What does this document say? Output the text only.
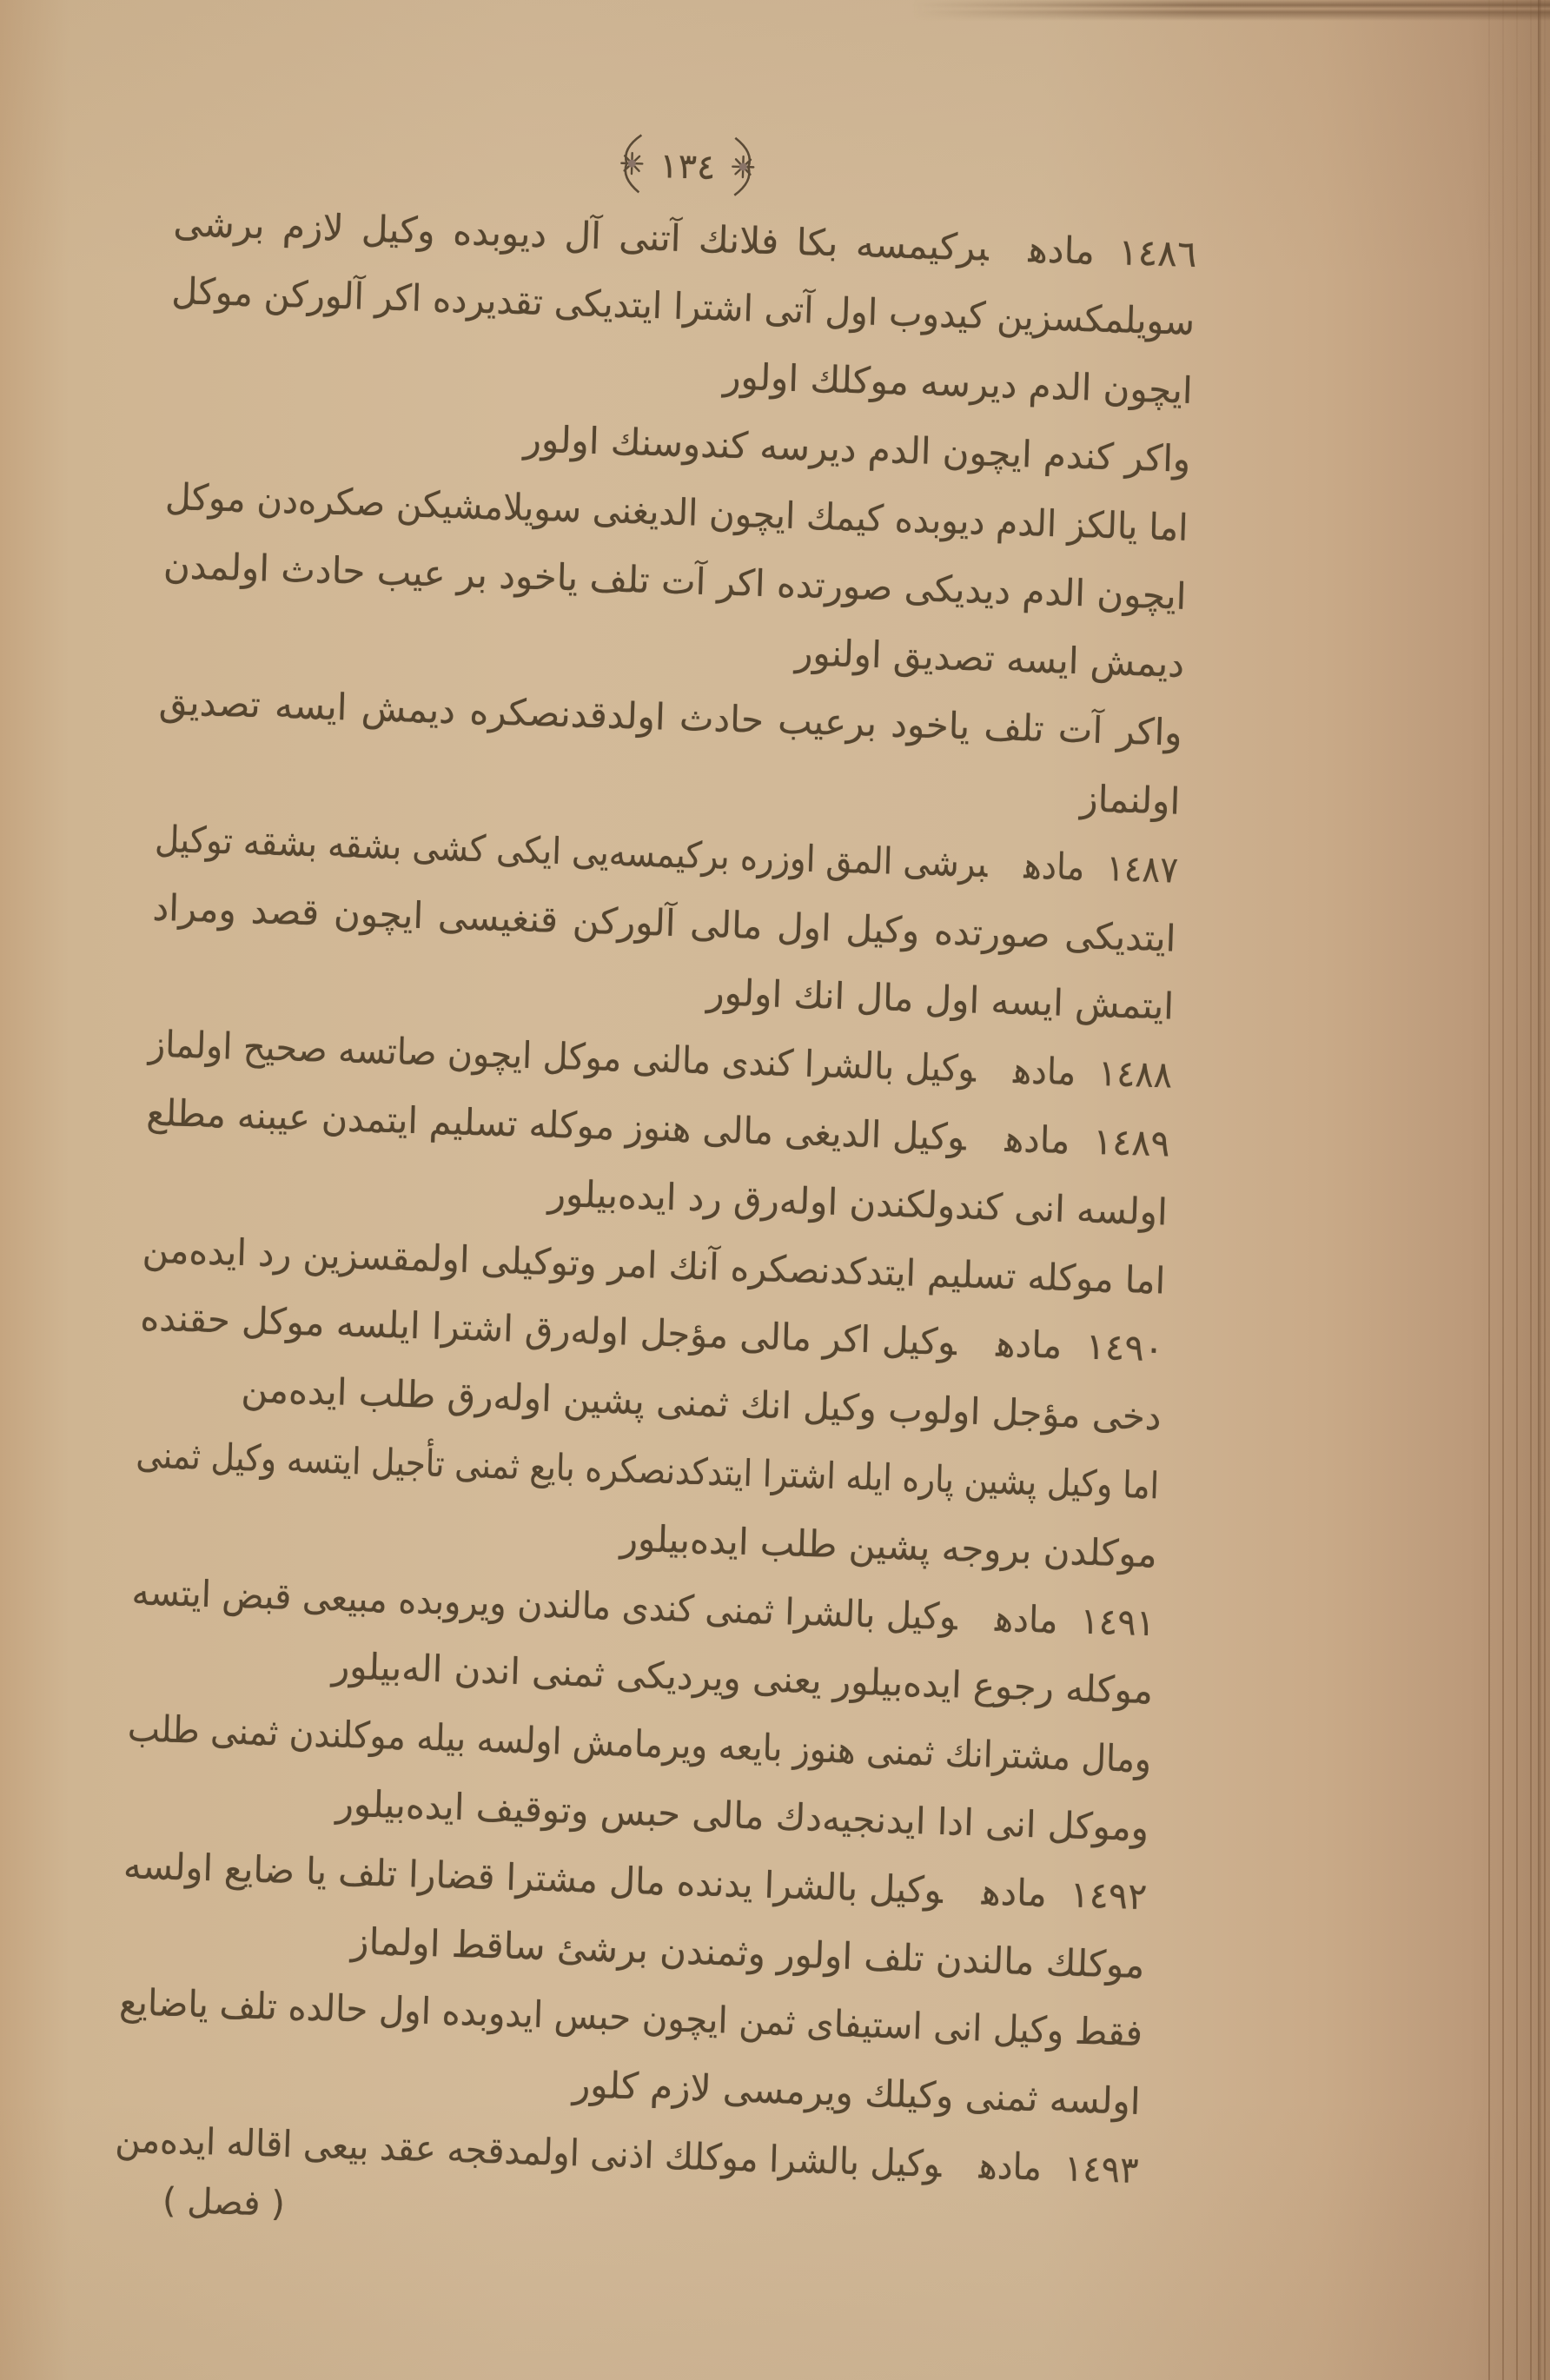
١٣٤
١٤٨٦ مادهبرکیمسه بکا فلانك آتنی آل دیوبده وکیل لازم برشی
سویلمکسزین کیدوب اول آتی اشترا ایتدیکی تقدیرده اکر آلورکن موکل
ایچون الدم دیرسه موکلك اولور
واکر کندم ایچون الدم دیرسه کندوسنك اولور
اما یالکز الدم دیوبده کیمك ایچون الدیغنی سویلامشیکن صکره‌دن موکل
ایچون الدم دیدیکی صورتده اکر آت تلف یاخود بر عیب حادث اولمدن
دیمش ایسه تصدیق اولنور
واکر آت تلف یاخود برعیب حادث اولدقدنصکره دیمش ایسه تصدیق
اولنماز
١٤٨٧ مادهبرشی المق اوزره برکیمسه‌یی ایکی کشی بشقه بشقه توکیل
ایتدیکی صورتده وکیل اول مالی آلورکن قنغیسی ایچون قصد ومراد
ایتمش ایسه اول مال انك اولور
١٤٨٨ مادهوکیل بالشرا کندی مالنی موکل ایچون صاتسه صحیح اولماز
١٤٨٩ مادهوکیل الدیغی مالی هنوز موکله تسلیم ایتمدن عیبنه مطلع
اولسه انی کندولکندن اوله‌رق رد ایده‌بیلور
اما موکله تسلیم ایتدکدنصکره آنك امر وتوکیلی اولمقسزین رد ایده‌من
١٤٩٠ مادهوکیل اکر مالی مؤجل اوله‌رق اشترا ایلسه موکل حقنده
دخی مؤجل اولوب وکیل انك ثمنی پشین اوله‌رق طلب ایده‌من
اما وکیل پشین پاره ایله اشترا ایتدکدنصکره بایع ثمنی تأجیل ایتسه وکیل ثمنی
موکلدن بروجه پشین طلب ایده‌بیلور
١٤٩١ مادهوکیل بالشرا ثمنی کندی مالندن ویروبده مبیعی قبض ایتسه
موکله رجوع ایده‌بیلور یعنی ویردیکی ثمنی اندن اله‌بیلور
ومال مشترانك ثمنی هنوز بایعه ویرمامش اولسه بیله موکلندن ثمنی طلب
وموکل انی ادا ایدنجیه‌دك مالی حبس وتوقیف ایده‌بیلور
١٤٩٢ مادهوکیل بالشرا یدنده مال مشترا قضارا تلف یا ضایع اولسه
موکلك مالندن تلف اولور وثمندن برشیٔ ساقط اولماز
فقط وکیل انی استیفای ثمن ایچون حبس ایدوبده اول حالده تلف یاضایع
اولسه ثمنی وکیلك ویرمسی لازم کلور
١٤٩٣ مادهوکیل بالشرا موکلك اذنی اولمدقجه عقد بیعی اقاله ایده‌من
( فصل )
